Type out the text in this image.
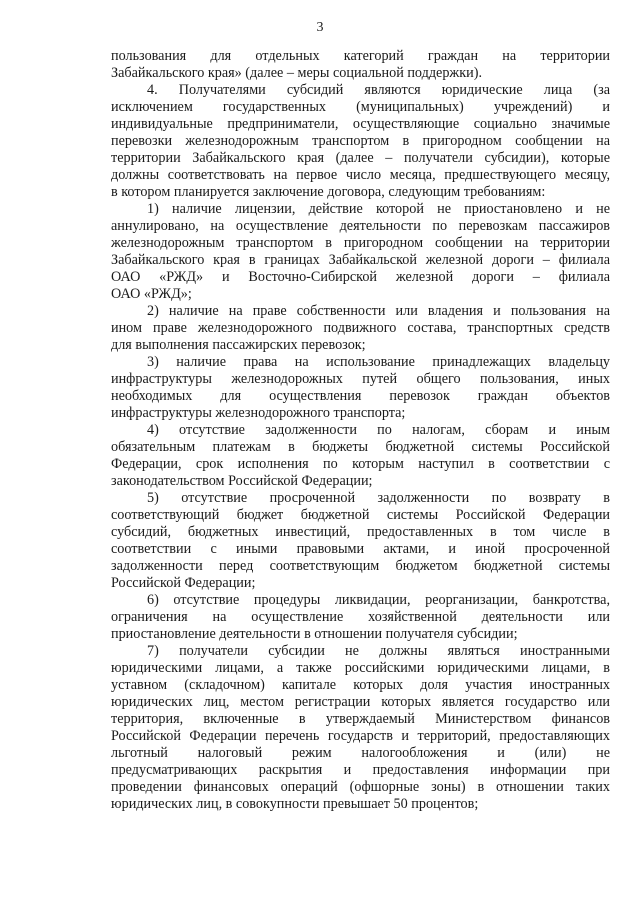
3
пользования для отдельных категорий граждан на территории
Забайкальского края» (далее – меры социальной поддержки).
4. Получателями субсидий являются юридические лица (за
исключением государственных (муниципальных) учреждений) и
индивидуальные предприниматели, осуществляющие социально значимые
перевозки железнодорожным транспортом в пригородном сообщении на
территории Забайкальского края (далее – получатели субсидии), которые
должны соответствовать на первое число месяца, предшествующего месяцу,
в котором планируется заключение договора, следующим требованиям:
1) наличие лицензии, действие которой не приостановлено и не
аннулировано, на осуществление деятельности по перевозкам пассажиров
железнодорожным транспортом в пригородном сообщении на территории
Забайкальского края в границах Забайкальской железной дороги – филиала
ОАО «РЖД» и Восточно-Сибирской железной дороги – филиала
ОАО «РЖД»;
2) наличие на праве собственности или владения и пользования на
ином праве железнодорожного подвижного состава, транспортных средств
для выполнения пассажирских перевозок;
3) наличие права на использование принадлежащих владельцу
инфраструктуры железнодорожных путей общего пользования, иных
необходимых для осуществления перевозок граждан объектов
инфраструктуры железнодорожного транспорта;
4) отсутствие задолженности по налогам, сборам и иным
обязательным платежам в бюджеты бюджетной системы Российской
Федерации, срок исполнения по которым наступил в соответствии с
законодательством Российской Федерации;
5) отсутствие просроченной задолженности по возврату в
соответствующий бюджет бюджетной системы Российской Федерации
субсидий, бюджетных инвестиций, предоставленных в том числе в
соответствии с иными правовыми актами, и иной просроченной
задолженности перед соответствующим бюджетом бюджетной системы
Российской Федерации;
6) отсутствие процедуры ликвидации, реорганизации, банкротства,
ограничения на осуществление хозяйственной деятельности или
приостановление деятельности в отношении получателя субсидии;
7) получатели субсидии не должны являться иностранными
юридическими лицами, а также российскими юридическими лицами, в
уставном (складочном) капитале которых доля участия иностранных
юридических лиц, местом регистрации которых является государство или
территория, включенные в утверждаемый Министерством финансов
Российской Федерации перечень государств и территорий, предоставляющих
льготный налоговый режим налогообложения и (или) не
предусматривающих раскрытия и предоставления информации при
проведении финансовых операций (офшорные зоны) в отношении таких
юридических лиц, в совокупности превышает 50 процентов;
